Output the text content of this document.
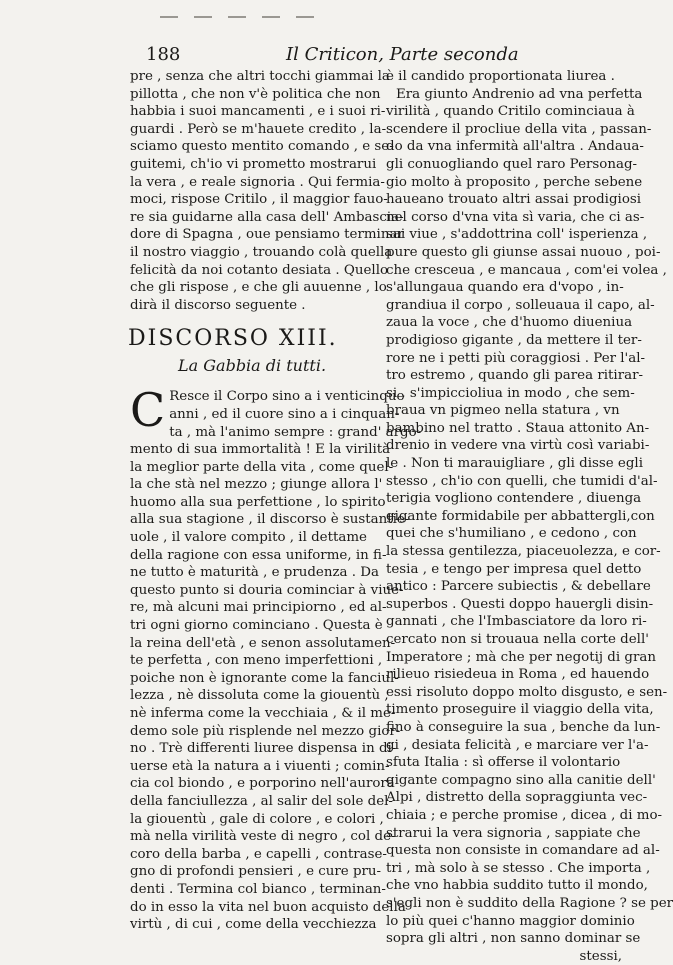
188	Il Criticon, Parte seconda
pre , senza che altri tocchi giammai la
pillotta , che non v'è politica che non
habbia i suoi mancamenti , e i suoi ri-
guardi . Però se m'hauete credito , la-
sciamo questo mentito comando , e se-
guitemi, ch'io vi prometto mostrarui
la vera , e reale signoria . Qui fermia-
moci, rispose Critilo , il maggior fauo-
re sia guidarne alla casa dell' Ambascia-
dore di Spagna , oue pensiamo terminar
il nostro viaggio , trouando colà quella
felicità da noi cotanto desiata . Quello
che gli rispose , e che gli auuenne , lo
dirà il discorso seguente .
DISCORSO XIII.
La Gabbia di tutti.
C Resce il Corpo sino a i venticinque
anni , ed il cuore sino a i cinquan-
ta , mà l'animo sempre : grand' argo-
mento di sua immortalità ! E la virilità
la meglior parte della vita , come quel-
la che stà nel mezzo ; giunge allora l'
huomo alla sua perfettione , lo spirito
alla sua stagione , il discorso è sustantie-
uole , il valore compito , il dettame
della ragione con essa uniforme, in fi-
ne tutto è maturità , e prudenza . Da
questo punto si douria cominciar à viue-
re, mà alcuni mai principiorno , ed al-
tri ogni giorno cominciano . Questa è
la reina dell'età , e senon assolutamen-
te perfetta , con meno imperfettioni ,
poiche non è ignorante come la fanciul-
lezza , nè dissoluta come la giouentù ,
nè inferma come la vecchiaia , & il me-
demo sole più risplende nel mezzo gior-
no . Trè differenti liuree dispensa in di-
uerse età la natura a i viuenti ; comin-
cia col biondo , e porporino nell'aurora
della fanciullezza , al salir del sole del-
la giouentù , gale di colore , e colori ,
mà nella virilità veste di negro , col de-
coro della barba , e capelli , contrase-
gno di profondi pensieri , e cure pru-
denti . Termina col bianco , terminan-
do in esso la vita nel buon acquisto della
virtù , di cui , come della vecchiezza
è il candido proportionata liurea .
Era giunto Andrenio ad vna perfetta
virilità , quando Critilo cominciaua à
scendere il procliue della vita , passan-
do da vna infermità all'altra . Andaua-
gli conuogliando quel raro Personag-
gio molto à proposito , perche sebene
haueano trouato altri assai prodigiosi
nel corso d'vna vita sì varia, che ci as-
sai viue , s'addottrina coll' isperienza ,
pure questo gli giunse assai nuouo , poi-
che cresceua , e mancaua , com'ei volea ,
s'allungaua quando era d'vopo , in-
grandiua il corpo , solleuaua il capo, al-
zaua la voce , che d'huomo diueniua
prodigioso gigante , da mettere il ter-
rore ne i petti più coraggiosi . Per l'al-
tro estremo , quando gli parea ritirar-
si , s'impiccioliua in modo , che sem-
braua vn pigmeo nella statura , vn
bambino nel tratto . Staua attonito An-
drenio in vedere vna virtù così variabi-
le . Non ti marauigliare , gli disse egli
stesso , ch'io con quelli, che tumidi d'al-
terigia vogliono contendere , diuenga
gigante formidabile per abbattergli,con
quei che s'humiliano , e cedono , con
la stessa gentilezza, piaceuolezza, e cor-
tesia , e tengo per impresa quel detto
antico : Parcere subiectis , & debellare
superbos . Questi doppo hauergli disin-
gannati , che l'Imbasciatore da loro ri-
cercato non si trouaua nella corte dell'
Imperatore ; mà che per negotij di gran
rilieuo risiedeua in Roma , ed hauendo
essi risoluto doppo molto disgusto, e sen-
timento proseguire il viaggio della vita,
fino à conseguire la sua , benche da lun-
gi , desiata felicità , e marciare ver l'a-
sfuta Italia : sì offerse il volontario
gigante compagno sino alla canitie dell'
Alpi , distretto della sopraggiunta vec-
chiaia ; e perche promise , dicea , di mo-
strarui la vera signoria , sappiate che
questa non consiste in comandare ad al-
tri , mà solo à se stesso . Che importa ,
che vno habbia suddito tutto il mondo,
s'egli non è suddito della Ragione ? se per
lo più quei c'hanno maggior dominio
sopra gli altri , non sanno dominar se
stessi,
